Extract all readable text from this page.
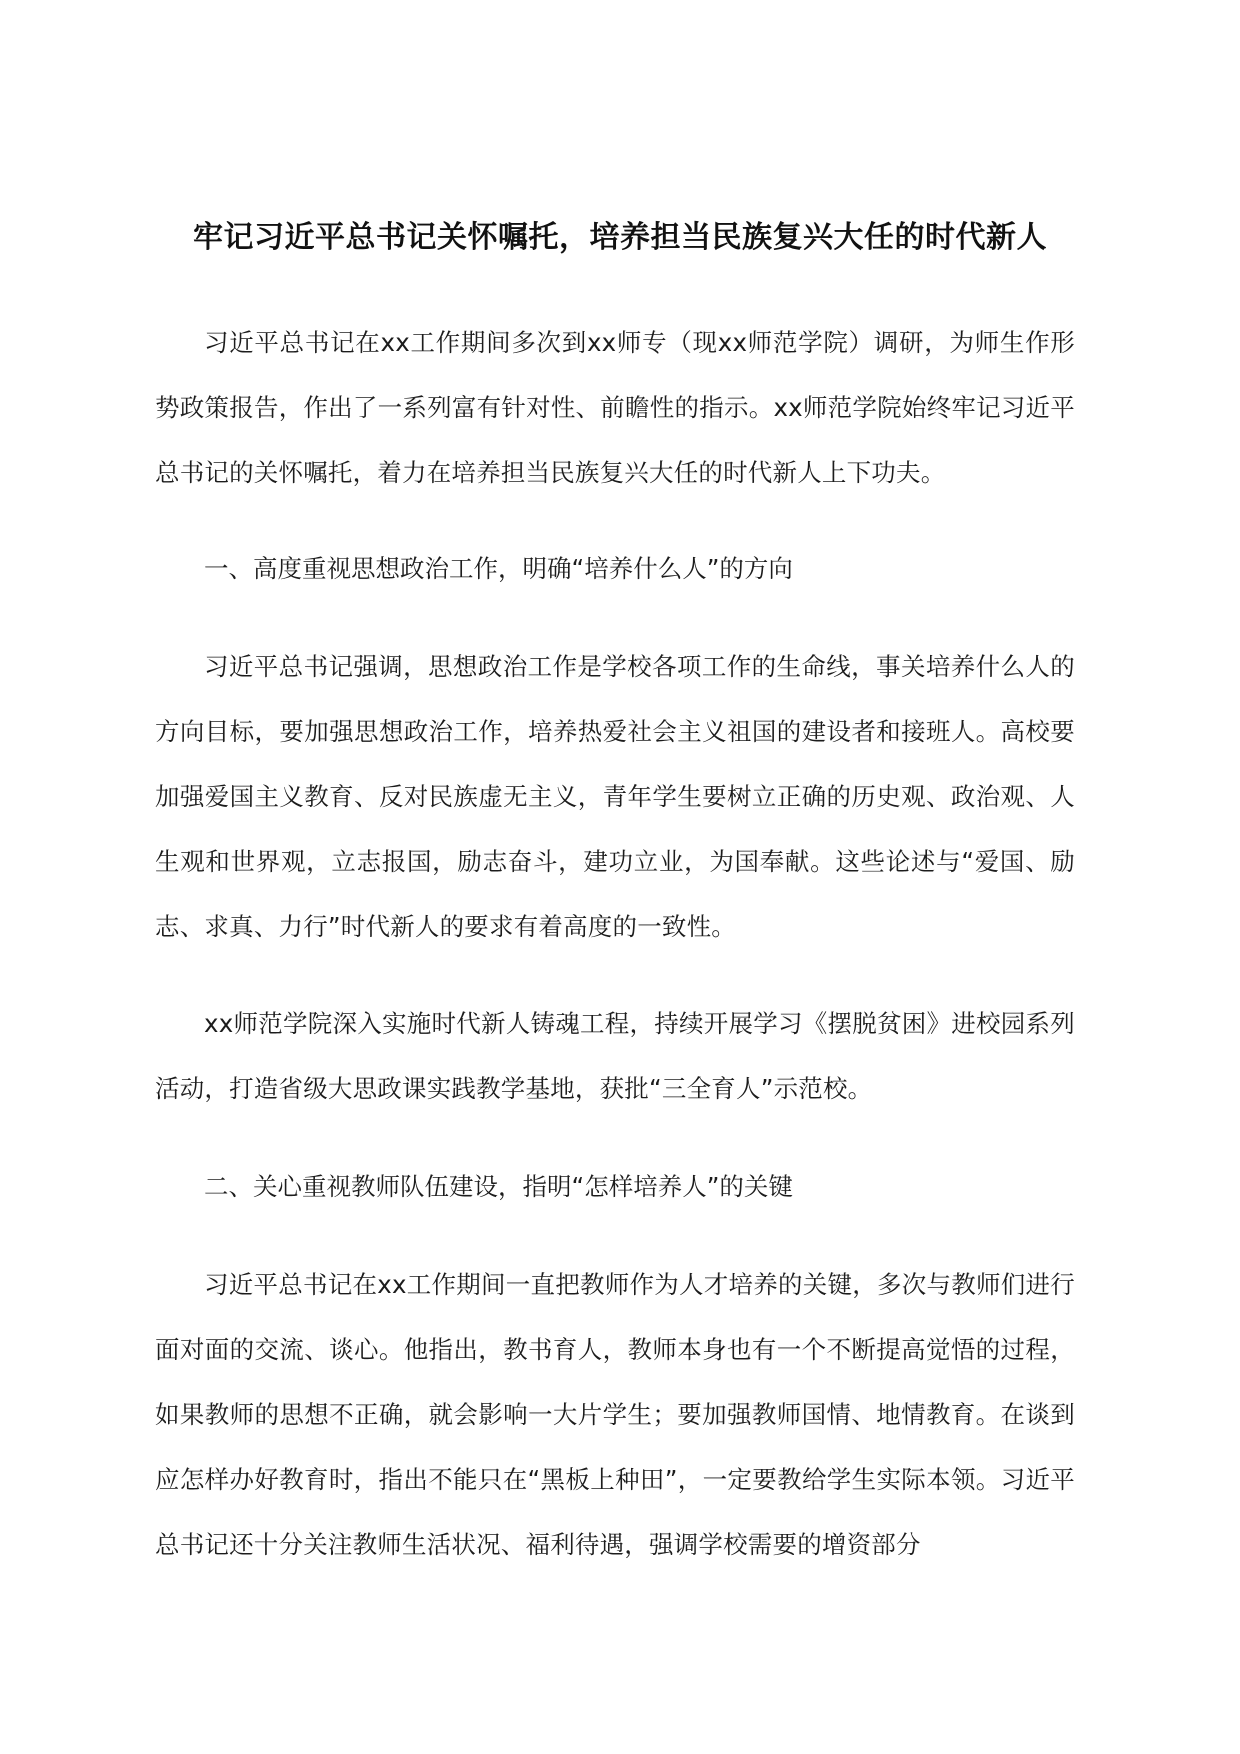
牢记习近平总书记关怀嘱托，培养担当民族复兴大任的时代新人

习近平总书记在xx工作期间多次到xx师专（现xx师范学院）调研，为师生作形势政策报告，作出了一系列富有针对性、前瞻性的指示。xx师范学院始终牢记习近平总书记的关怀嘱托，着力在培养担当民族复兴大任的时代新人上下功夫。

一、高度重视思想政治工作，明确“培养什么人”的方向

习近平总书记强调，思想政治工作是学校各项工作的生命线，事关培养什么人的方向目标，要加强思想政治工作，培养热爱社会主义祖国的建设者和接班人。高校要加强爱国主义教育、反对民族虚无主义，青年学生要树立正确的历史观、政治观、人生观和世界观，立志报国，励志奋斗，建功立业，为国奉献。这些论述与“爱国、励志、求真、力行”时代新人的要求有着高度的一致性。

xx师范学院深入实施时代新人铸魂工程，持续开展学习《摆脱贫困》进校园系列活动，打造省级大思政课实践教学基地，获批“三全育人”示范校。

二、关心重视教师队伍建设，指明“怎样培养人”的关键

习近平总书记在xx工作期间一直把教师作为人才培养的关键，多次与教师们进行面对面的交流、谈心。他指出，教书育人，教师本身也有一个不断提高觉悟的过程，如果教师的思想不正确，就会影响一大片学生；要加强教师国情、地情教育。在谈到应怎样办好教育时，指出不能只在“黑板上种田”，一定要教给学生实际本领。习近平总书记还十分关注教师生活状况、福利待遇，强调学校需要的增资部分
